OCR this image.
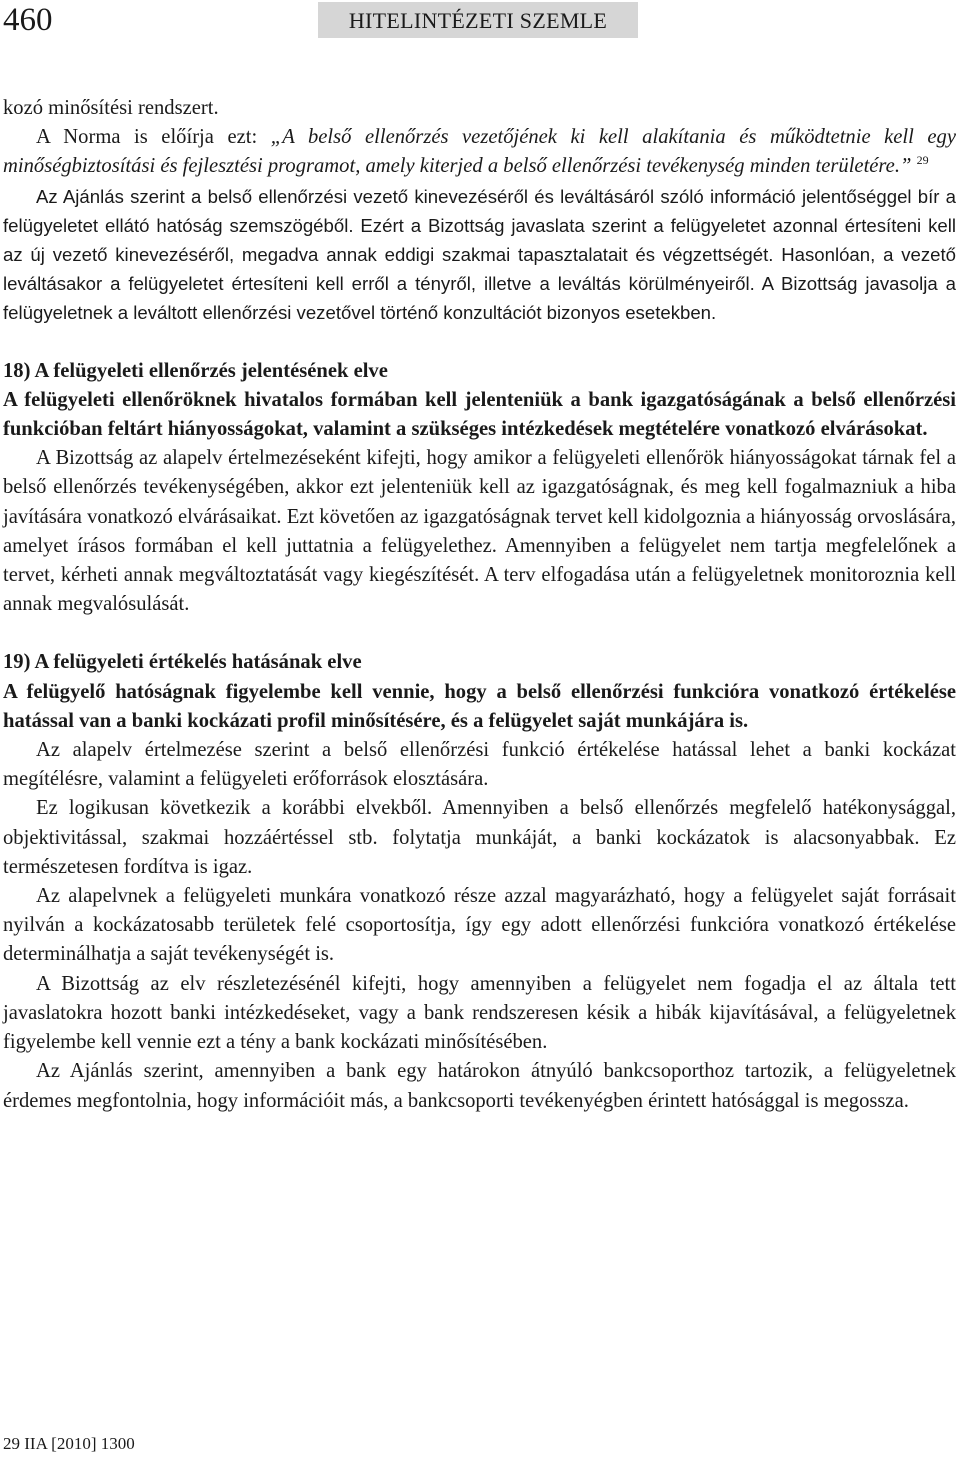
460	HITELINTÉZETI SZEMLE

kozó minősítési rendszert.

A Norma is előírja ezt: „A belső ellenőrzés vezetőjének ki kell alakítania és működtetnie kell egy minőségbiztosítási és fejlesztési programot, amely kiterjed a belső ellenőrzési tevékenység minden területére.” $^{29}$

Az Ajánlás szerint a belső ellenőrzési vezető kinevezéséről és leváltásáról szóló információ jelentőséggel bír a felügyeletet ellátó hatóság szemszögéből. Ezért a Bizottság javaslata szerint a felügyeletet azonnal értesíteni kell az új vezető kinevezéséről, megadva annak eddigi szakmai tapasztalatait és végzettségét. Hasonlóan, a vezető leváltásakor a felügyeletet értesíteni kell erről a tényről, illetve a leváltás körülményeiről. A Bizottság javasolja a felügyeletnek a leváltott ellenőrzési vezetővel történő konzultációt bizonyos esetekben.

18) A felügyeleti ellenőrzés jelentésének elve

A felügyeleti ellenőröknek hivatalos formában kell jelenteniük a bank igazgatóságának a belső ellenőrzési funkcióban feltárt hiányosságokat, valamint a szükséges intézkedések megtételére vonatkozó elvárásokat.

A Bizottság az alapelv értelmezéseként kifejti, hogy amikor a felügyeleti ellenőrök hiányosságokat tárnak fel a belső ellenőrzés tevékenységében, akkor ezt jelenteniük kell az igazgatóságnak, és meg kell fogalmazniuk a hiba javítására vonatkozó elvárásaikat. Ezt követően az igazgatóságnak tervet kell kidolgoznia a hiányosság orvoslására, amelyet írásos formában el kell juttatnia a felügyelethez. Amennyiben a felügyelet nem tartja megfelelőnek a tervet, kérheti annak megváltoztatását vagy kiegészítését. A terv elfogadása után a felügyeletnek monitoroznia kell annak megvalósulását.

19) A felügyeleti értékelés hatásának elve

A felügyelő hatóságnak figyelembe kell vennie, hogy a belső ellenőrzési funkcióra vonatkozó értékelése hatással van a banki kockázati profil minősítésére, és a felügyelet saját munkájára is.

Az alapelv értelmezése szerint a belső ellenőrzési funkció értékelése hatással lehet a banki kockázat megítélésre, valamint a felügyeleti erőforrások elosztására.

Ez logikusan következik a korábbi elvekből. Amennyiben a belső ellenőrzés megfelelő hatékonysággal, objektivitással, szakmai hozzáértéssel stb. folytatja munkáját, a banki kockázatok is alacsonyabbak. Ez természetesen fordítva is igaz.

Az alapelvnek a felügyeleti munkára vonatkozó része azzal magyarázható, hogy a felügyelet saját forrásait nyilván a kockázatosabb területek felé csoportosítja, így egy adott ellenőrzési funkcióra vonatkozó értékelése determinálhatja a saját tevékenységét is.

A Bizottság az elv részletezésénél kifejti, hogy amennyiben a felügyelet nem fogadja el az általa tett javaslatokra hozott banki intézkedéseket, vagy a bank rendszeresen késik a hibák kijavításával, a felügyeletnek figyelembe kell vennie ezt a tény a bank kockázati minősítésében.

Az Ajánlás szerint, amennyiben a bank egy határokon átnyúló bankcsoporthoz tartozik, a felügyeletnek érdemes megfontolnia, hogy információit más, a bankcsoporti tevékenyégben érintett hatósággal is megossza.

29 IIA [2010] 1300
